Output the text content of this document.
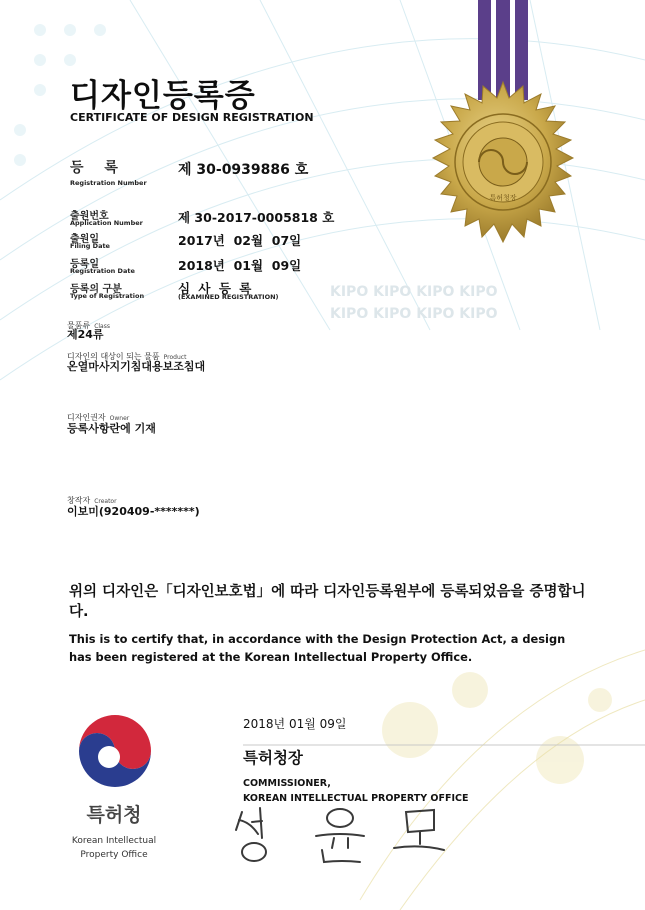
KIPO KIPO KIPO KIPO
KIPO KIPO KIPO KIPO
특허청장
디자인등록증
CERTIFICATE OF DESIGN REGISTRATION
등 록
Registration Number
제 30-0939886 호
출원번호
Application Number	제 30-2017-0005818 호
출원일
Filing Date	2017년  02월  07일
등록일
Registration Date	2018년  01월  09일
등록의 구분
Type of Registration	심 사 등 록
(EXAMINED REGISTRATION)
물품류 Class
제24류
디자인의 대상이 되는 물품 Product
온열마사지기침대용보조침대
디자인권자 Owner
등록사항란에 기재
창작자 Creator
이보미(920409-*******)
위의 디자인은「디자인보호법」에 따라 디자인등록원부에 등록되었음을 증명합니다.
This is to certify that, in accordance with the Design Protection Act, a design has been registered at the Korean Intellectual Property Office.
2018년 01월 09일
특허청장
COMMISSIONER,
KOREAN INTELLECTUAL PROPERTY OFFICE
특허청
Korean Intellectual Property Office
